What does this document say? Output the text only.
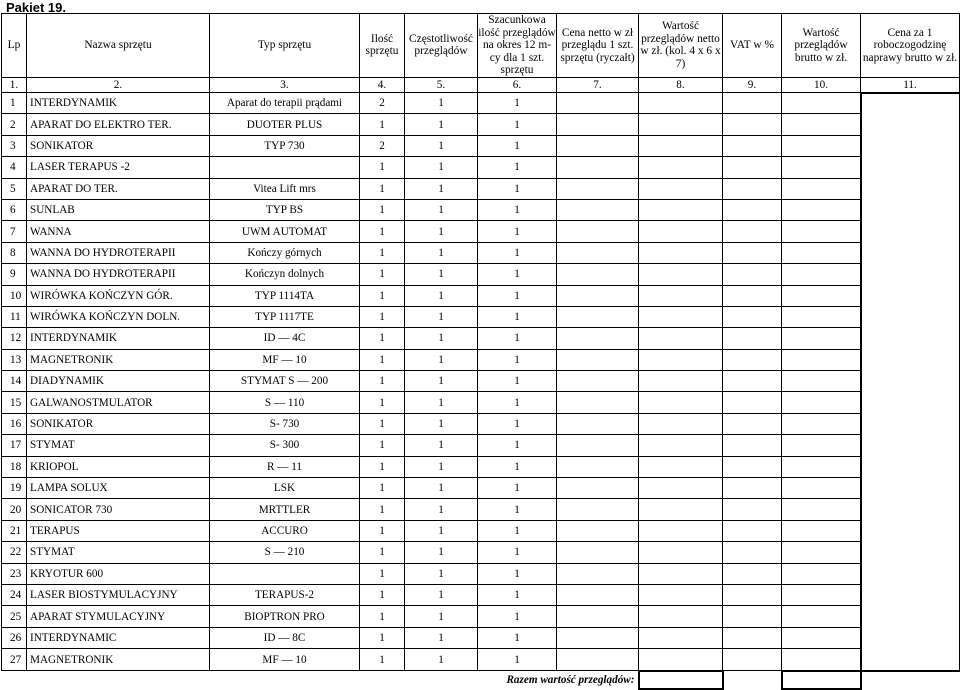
Pakiet 19.
Lp	Nazwa sprzętu	Typ sprzętu	Ilość sprzętu	Częstotliwość przeglądów	Szacunkowa ilość przeglądów na okres 12 m-cy dla 1 szt. sprzętu	Cena netto w zł przeglądu 1 szt. sprzętu (ryczałt)	Wartość przeglądów netto w zł. (kol. 4 x 6 x 7)	VAT w %	Wartość przeglądów brutto w zł.	Cena za 1 roboczogodzinę naprawy brutto w zł.
1.	2.	3.	4.	5.	6.	7.	8.	9.	10.	11.
1	INTERDYNAMIK	Aparat do terapii prądami	2	1	1					
2	APARAT DO ELEKTRO TER.	DUOTER PLUS	1	1	1					
3	SONIKATOR	TYP 730	2	1	1					
4	LASER TERAPUS -2		1	1	1					
5	APARAT DO TER.	Vitea Lift mrs	1	1	1					
6	SUNLAB	TYP BS	1	1	1					
7	WANNA	UWM AUTOMAT	1	1	1					
8	WANNA DO HYDROTERAPII	Kończy górnych	1	1	1					
9	WANNA DO HYDROTERAPII	Kończyn dolnych	1	1	1					
10	WIRÓWKA KOŃCZYN GÓR.	TYP 1114TA	1	1	1					
11	WIRÓWKA KOŃCZYN DOLN.	TYP 1117TE	1	1	1					
12	INTERDYNAMIK	ID — 4C	1	1	1					
13	MAGNETRONIK	MF — 10	1	1	1					
14	DIADYNAMIK	STYMAT S — 200	1	1	1					
15	GALWANOSTMULATOR	S — 110	1	1	1					
16	SONIKATOR	S- 730	1	1	1					
17	STYMAT	S- 300	1	1	1					
18	KRIOPOL	R — 11	1	1	1					
19	LAMPA SOLUX	LSK	1	1	1					
20	SONICATOR 730	MRTTLER	1	1	1					
21	TERAPUS	ACCURO	1	1	1					
22	STYMAT	S — 210	1	1	1					
23	KRYOTUR 600		1	1	1					
24	LASER BIOSTYMULACYJNY	TERAPUS-2	1	1	1					
25	APARAT STYMULACYJNY	BIOPTRON PRO	1	1	1					
26	INTERDYNAMIC	ID — 8C	1	1	1					
27	MAGNETRONIK	MF — 10	1	1	1					
Razem wartość przeglądów:										
